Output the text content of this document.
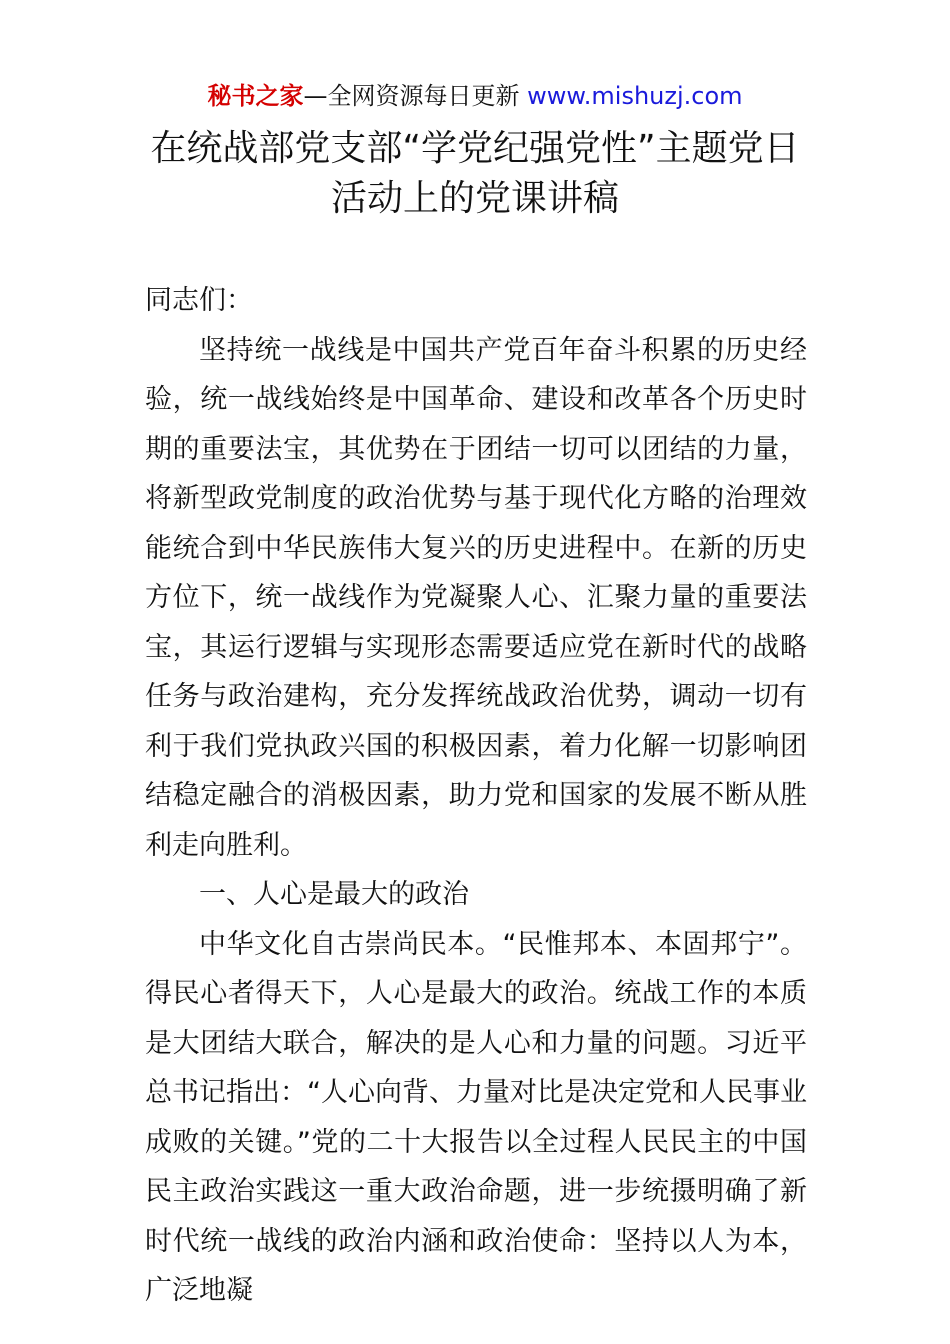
秘书之家—全网资源每日更新 www.mishuzj.com
在统战部党支部“学党纪强党性”主题党日活动上的党课讲稿

同志们：

坚持统一战线是中国共产党百年奋斗积累的历史经验，统一战线始终是中国革命、建设和改革各个历史时期的重要法宝，其优势在于团结一切可以团结的力量，将新型政党制度的政治优势与基于现代化方略的治理效能统合到中华民族伟大复兴的历史进程中。在新的历史方位下，统一战线作为党凝聚人心、汇聚力量的重要法宝，其运行逻辑与实现形态需要适应党在新时代的战略任务与政治建构，充分发挥统战政治优势，调动一切有利于我们党执政兴国的积极因素，着力化解一切影响团结稳定融合的消极因素，助力党和国家的发展不断从胜利走向胜利。

一、人心是最大的政治

中华文化自古崇尚民本。“民惟邦本、本固邦宁”。得民心者得天下，人心是最大的政治。统战工作的本质是大团结大联合，解决的是人心和力量的问题。习近平总书记指出：“人心向背、力量对比是决定党和人民事业成败的关键。”党的二十大报告以全过程人民民主的中国民主政治实践这一重大政治命题，进一步统摄明确了新时代统一战线的政治内涵和政治使命：坚持以人为本，广泛地凝
